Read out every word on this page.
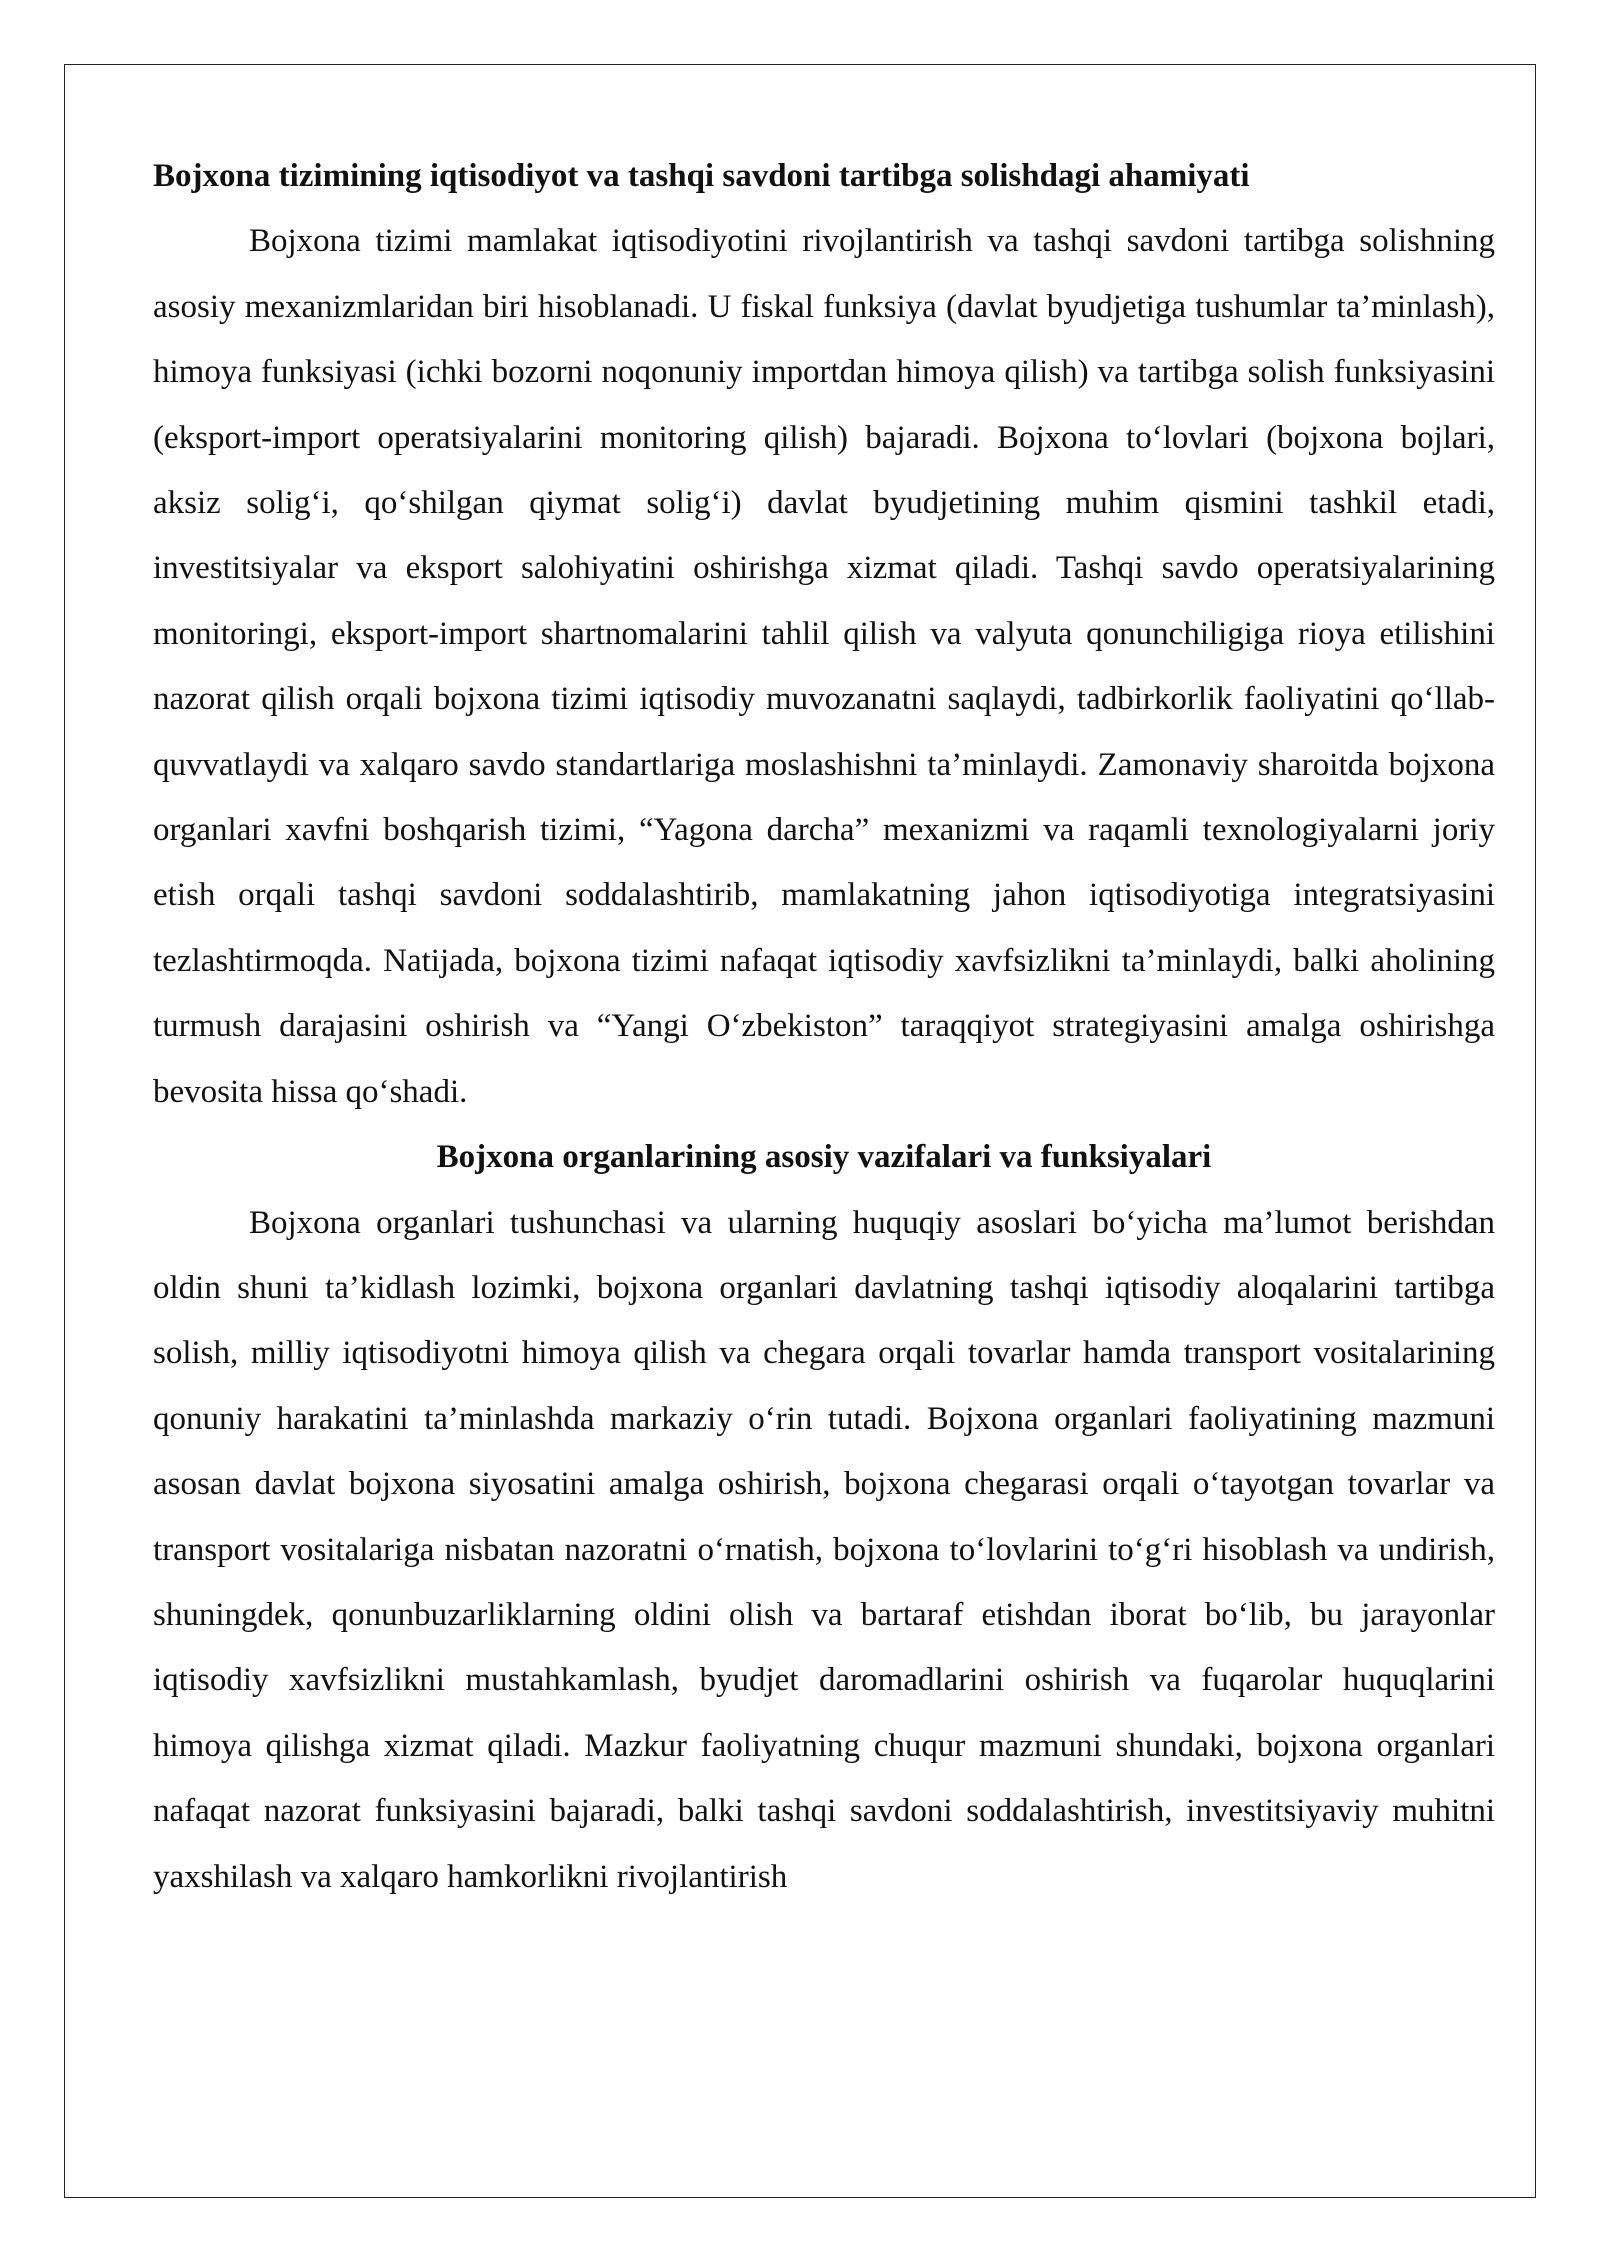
Bojxona tizimining iqtisodiyot va tashqi savdoni tartibga solishdagi ahamiyati

Bojxona tizimi mamlakat iqtisodiyotini rivojlantirish va tashqi savdoni tartibga solishning asosiy mexanizmlaridan biri hisoblanadi. U fiskal funksiya (davlat byudjetiga tushumlar ta’minlash), himoya funksiyasi (ichki bozorni noqonuniy importdan himoya qilish) va tartibga solish funksiyasini (eksport-import operatsiyalarini monitoring qilish) bajaradi. Bojxona to‘lovlari (bojxona bojlari, aksiz solig‘i, qo‘shilgan qiymat solig‘i) davlat byudjetining muhim qismini tashkil etadi, investitsiyalar va eksport salohiyatini oshirishga xizmat qiladi. Tashqi savdo operatsiyalarining monitoringi, eksport-import shartnomalarini tahlil qilish va valyuta qonunchiligiga rioya etilishini nazorat qilish orqali bojxona tizimi iqtisodiy muvozanatni saqlaydi, tadbirkorlik faoliyatini qo‘llab-quvvatlaydi va xalqaro savdo standartlariga moslashishni ta’minlaydi. Zamonaviy sharoitda bojxona organlari xavfni boshqarish tizimi, “Yagona darcha” mexanizmi va raqamli texnologiyalarni joriy etish orqali tashqi savdoni soddalashtirib, mamlakatning jahon iqtisodiyotiga integratsiyasini tezlashtirmoqda. Natijada, bojxona tizimi nafaqat iqtisodiy xavfsizlikni ta’minlaydi, balki aholining turmush darajasini oshirish va “Yangi O‘zbekiston” taraqqiyot strategiyasini amalga oshirishga bevosita hissa qo‘shadi.

Bojxona organlarining asosiy vazifalari va funksiyalari

Bojxona organlari tushunchasi va ularning huquqiy asoslari bo‘yicha ma’lumot berishdan oldin shuni ta’kidlash lozimki, bojxona organlari davlatning tashqi iqtisodiy aloqalarini tartibga solish, milliy iqtisodiyotni himoya qilish va chegara orqali tovarlar hamda transport vositalarining qonuniy harakatini ta’minlashda markaziy o‘rin tutadi. Bojxona organlari faoliyatining mazmuni asosan davlat bojxona siyosatini amalga oshirish, bojxona chegarasi orqali o‘tayotgan tovarlar va transport vositalariga nisbatan nazoratni o‘rnatish, bojxona to‘lovlarini to‘g‘ri hisoblash va undirish, shuningdek, qonunbuzarliklarning oldini olish va bartaraf etishdan iborat bo‘lib, bu jarayonlar iqtisodiy xavfsizlikni mustahkamlash, byudjet daromadlarini oshirish va fuqarolar huquqlarini himoya qilishga xizmat qiladi. Mazkur faoliyatning chuqur mazmuni shundaki, bojxona organlari nafaqat nazorat funksiyasini bajaradi, balki tashqi savdoni soddalashtirish, investitsiyaviy muhitni yaxshilash va xalqaro hamkorlikni rivojlantirish
